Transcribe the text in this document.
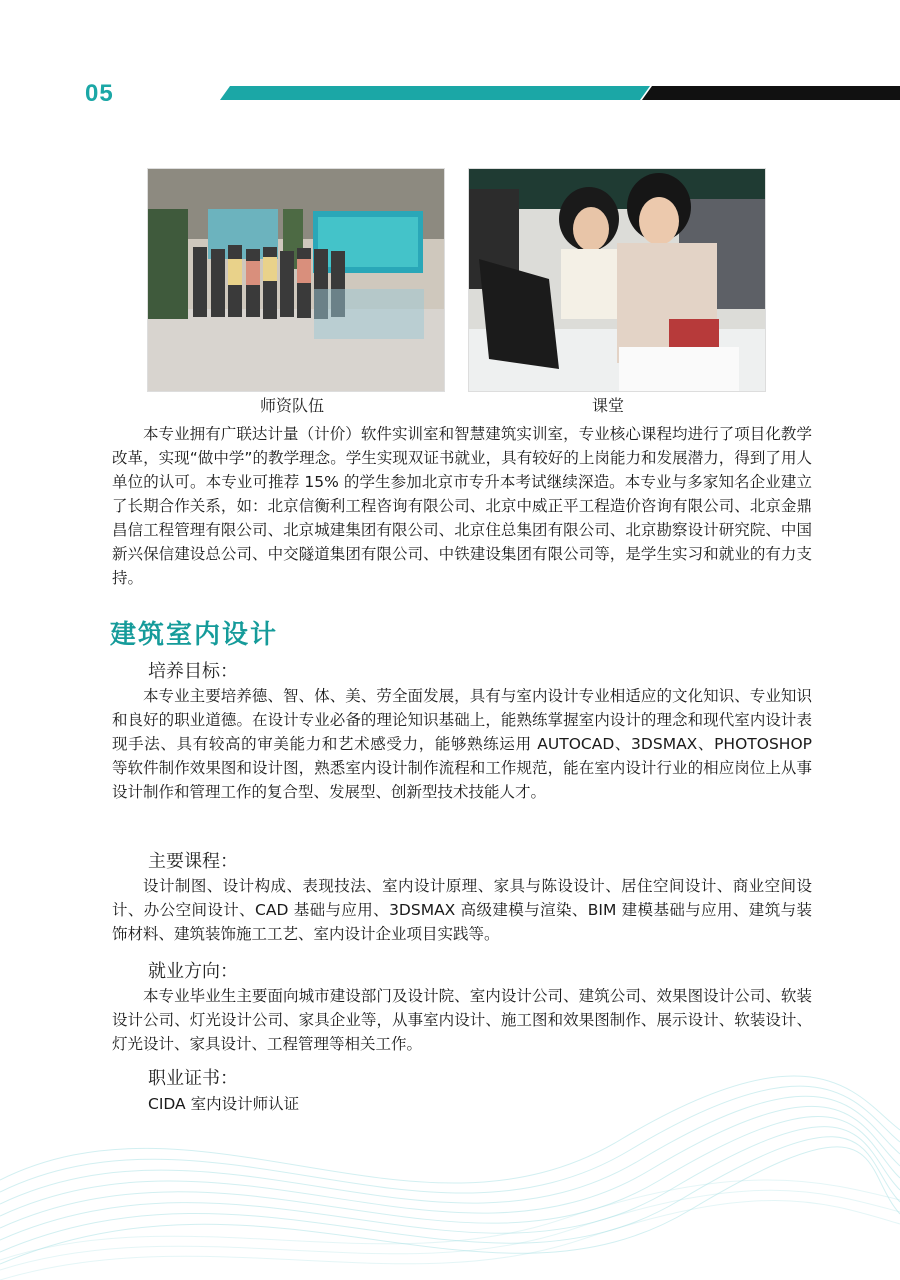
05
师资队伍	课堂

本专业拥有广联达计量（计价）软件实训室和智慧建筑实训室，专业核心课程均进行了项目化教学改革，实现“做中学”的教学理念。学生实现双证书就业，具有较好的上岗能力和发展潜力，得到了用人单位的认可。本专业可推荐 15% 的学生参加北京市专升本考试继续深造。本专业与多家知名企业建立了长期合作关系，如：北京信衡利工程咨询有限公司、北京中威正平工程造价咨询有限公司、北京金鼎昌信工程管理有限公司、北京城建集团有限公司、北京住总集团有限公司、北京勘察设计研究院、中国新兴保信建设总公司、中交隧道集团有限公司、中铁建设集团有限公司等，是学生实习和就业的有力支持。

建筑室内设计
培养目标：

本专业主要培养德、智、体、美、劳全面发展，具有与室内设计专业相适应的文化知识、专业知识和良好的职业道德。在设计专业必备的理论知识基础上，能熟练掌握室内设计的理念和现代室内设计表现手法、具有较高的审美能力和艺术感受力，能够熟练运用 AUTOCAD、3DSMAX、PHOTOSHOP 等软件制作效果图和设计图，熟悉室内设计制作流程和工作规范，能在室内设计行业的相应岗位上从事设计制作和管理工作的复合型、发展型、创新型技术技能人才。

主要课程：

设计制图、设计构成、表现技法、室内设计原理、家具与陈设设计、居住空间设计、商业空间设计、办公空间设计、CAD 基础与应用、3DSMAX 高级建模与渲染、BIM 建模基础与应用、建筑与装饰材料、建筑装饰施工工艺、室内设计企业项目实践等。

就业方向：

本专业毕业生主要面向城市建设部门及设计院、室内设计公司、建筑公司、效果图设计公司、软装设计公司、灯光设计公司、家具企业等，从事室内设计、施工图和效果图制作、展示设计、软装设计、灯光设计、家具设计、工程管理等相关工作。

职业证书：
CIDA 室内设计师认证
